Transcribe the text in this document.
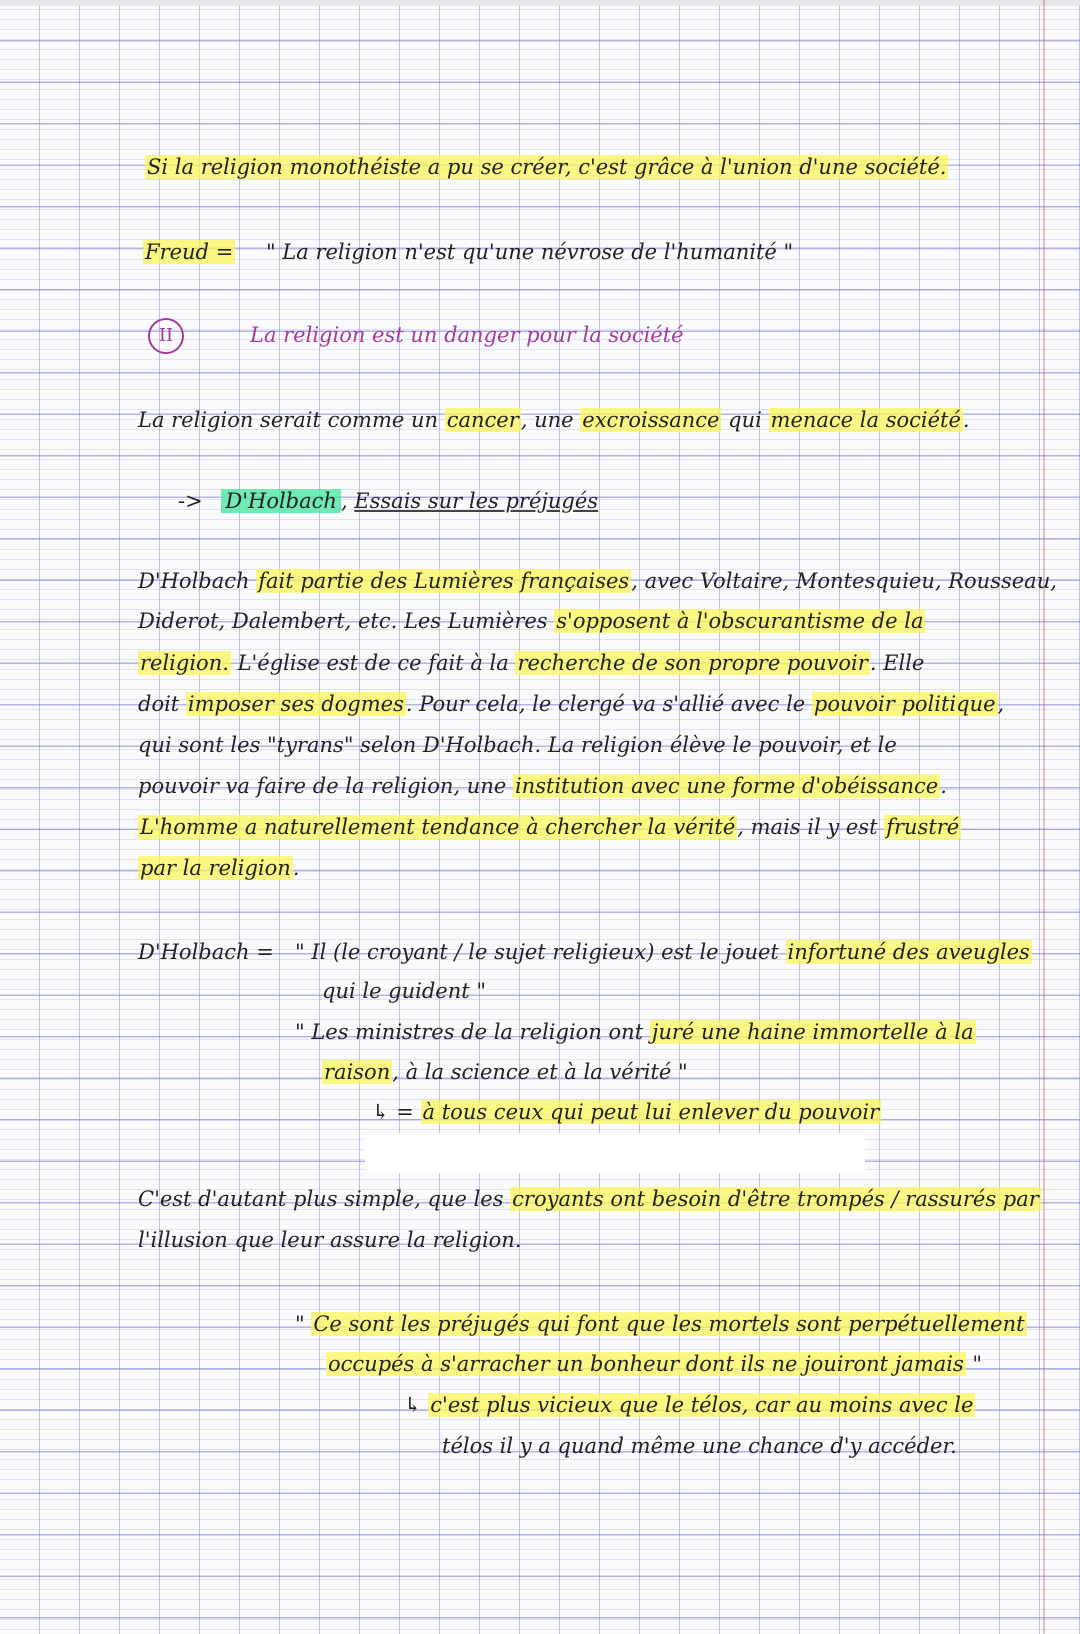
Si la religion monothéiste a pu se créer, c'est grâce à l'union d'une société.
Freud = " La religion n'est qu'une névrose de l'humanité "
II	La religion est un danger pour la société
La religion serait comme un cancer, une excroissance qui menace la société.
-> D'Holbach , Essais sur les préjugés
D'Holbach fait partie des Lumières françaises, avec Voltaire, Montesquieu, Rousseau,
Diderot, Dalembert, etc. Les Lumières s'opposent à l'obscurantisme de la
religion. L'église est de ce fait à la recherche de son propre pouvoir. Elle
doit imposer ses dogmes. Pour cela, le clergé va s'allié avec le pouvoir politique,
qui sont les "tyrans" selon D'Holbach. La religion élève le pouvoir, et le
pouvoir va faire de la religion, une institution avec une forme d'obéissance.
L'homme a naturellement tendance à chercher la vérité, mais il y est frustré
par la religion.
D'Holbach = " Il (le croyant / le sujet religieux) est le jouet infortuné des aveugles
qui le guident "
" Les ministres de la religion ont juré une haine immortelle à la
raison, à la science et à la vérité "
↳ = à tous ceux qui peut lui enlever du pouvoir
C'est d'autant plus simple, que les croyants ont besoin d'être trompés / rassurés par
l'illusion que leur assure la religion.
" Ce sont les préjugés qui font que les mortels sont perpétuellement
occupés à s'arracher un bonheur dont ils ne jouiront jamais "
↳ c'est plus vicieux que le télos, car au moins avec le
télos il y a quand même une chance d'y accéder.
